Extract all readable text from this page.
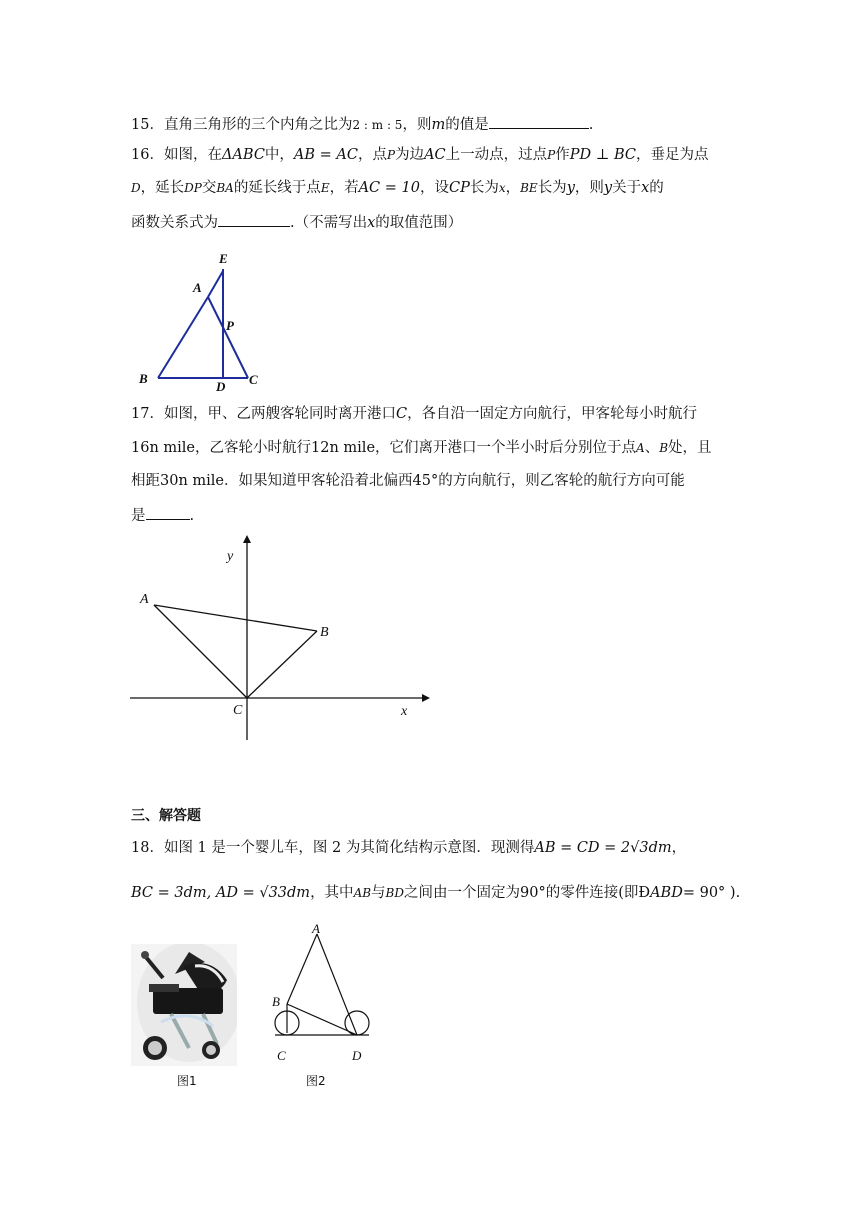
15．直角三角形的三个内角之比为2 : m : 5，则m的值是	.
16．如图，在ΔABC中，AB = AC，点P为边AC上一动点，过点P作PD ⊥ BC，垂足为点
D，延长DP交BA的延长线于点E，若AC = 10，设CP长为x，BE长为y，则y关于x的
函数关系式为	.（不需写出x的取值范围）
E
A
P
B
D C
17．如图，甲、乙两艘客轮同时离开港口C，各自沿一固定方向航行，甲客轮每小时航行
16n mile，乙客轮小时航行12n mile，它们离开港口一个半小时后分别位于点A、B处，且
相距30n mile．如果知道甲客轮沿着北偏西45°的方向航行，则乙客轮的航行方向可能
是	.
y
A
B
C	x
三、解答题
18．如图 1 是一个婴儿车，图 2 为其简化结构示意图．现测得AB = CD = 2√3dm，
BC = 3dm, AD = √33dm，其中AB与BD之间由一个固定为90°的零件连接(即ÐABD= 90° ).
图1
A
B
C	D
图2
